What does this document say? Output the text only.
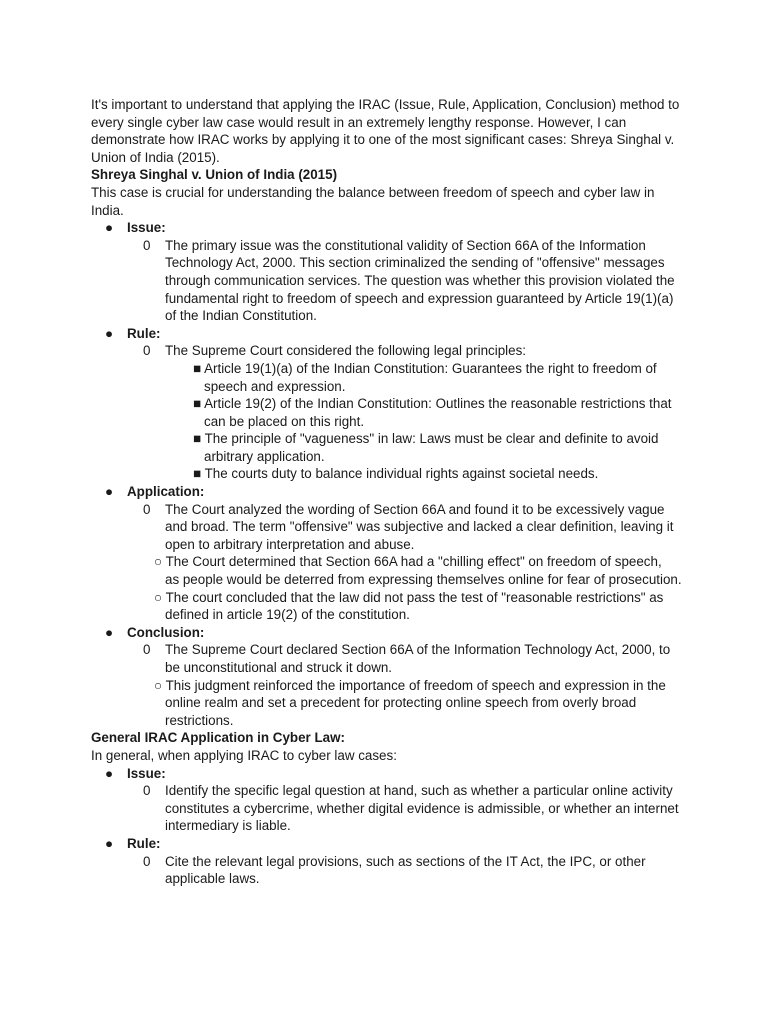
It's important to understand that applying the IRAC (Issue, Rule, Application, Conclusion) method to every single cyber law case would result in an extremely lengthy response. However, I can demonstrate how IRAC works by applying it to one of the most significant cases: Shreya Singhal v. Union of India (2015).

Shreya Singhal v. Union of India (2015)

This case is crucial for understanding the balance between freedom of speech and cyber law in India.

● Issue:
0 The primary issue was the constitutional validity of Section 66A of the Information Technology Act, 2000. This section criminalized the sending of "offensive" messages through communication services. The question was whether this provision violated the fundamental right to freedom of speech and expression guaranteed by Article 19(1)(a) of the Indian Constitution.
● Rule:
0 The Supreme Court considered the following legal principles:
■ Article 19(1)(a) of the Indian Constitution: Guarantees the right to freedom of
speech and expression.
■ Article 19(2) of the Indian Constitution: Outlines the reasonable restrictions that
can be placed on this right.
■ The principle of "vagueness" in law: Laws must be clear and definite to avoid
arbitrary application.
■ The courts duty to balance individual rights against societal needs.
● Application:
0 The Court analyzed the wording of Section 66A and found it to be excessively vague and broad. The term "offensive" was subjective and lacked a clear definition, leaving it open to arbitrary interpretation and abuse.
○ The Court determined that Section 66A had a "chilling effect" on freedom of speech,
as people would be deterred from expressing themselves online for fear of prosecution.
○ The court concluded that the law did not pass the test of "reasonable restrictions" as
defined in article 19(2) of the constitution.
● Conclusion:
0 The Supreme Court declared Section 66A of the Information Technology Act, 2000, to be unconstitutional and struck it down.
○ This judgment reinforced the importance of freedom of speech and expression in the
online realm and set a precedent for protecting online speech from overly broad restrictions.

General IRAC Application in Cyber Law:

In general, when applying IRAC to cyber law cases:

● Issue:
0 Identify the specific legal question at hand, such as whether a particular online activity constitutes a cybercrime, whether digital evidence is admissible, or whether an internet intermediary is liable.
● Rule:
0 Cite the relevant legal provisions, such as sections of the IT Act, the IPC, or other applicable laws.
